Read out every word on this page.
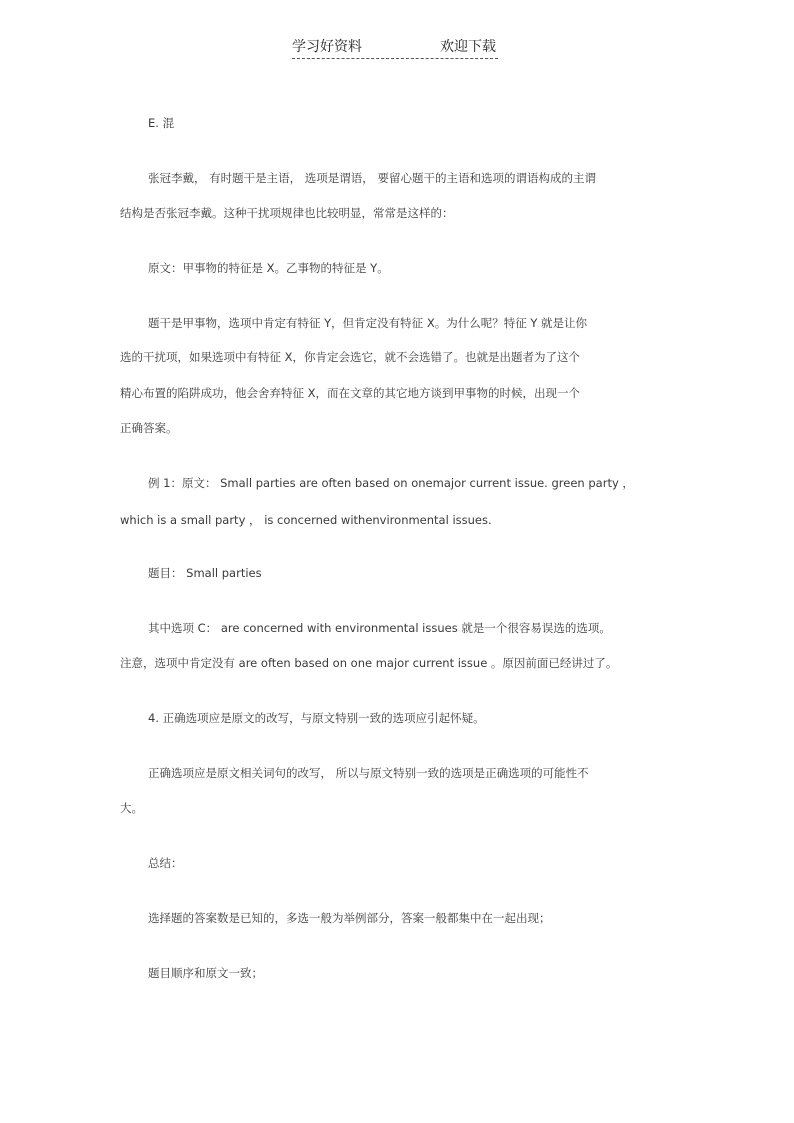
学习好资料	欢迎下载
E. 混
张冠李戴， 有时题干是主语， 选项是谓语， 要留心题干的主语和选项的谓语构成的主谓
结构是否张冠李戴。这种干扰项规律也比较明显，常常是这样的：
原文：甲事物的特征是 X。乙事物的特征是 Y。
题干是甲事物，选项中肯定有特征 Y，但肯定没有特征 X。为什么呢？特征 Y 就是让你
选的干扰项，如果选项中有特征 X，你肯定会选它，就不会选错了。也就是出题者为了这个
精心布置的陷阱成功，他会舍弃特征 X，而在文章的其它地方谈到甲事物的时候，出现一个
正确答案。
例 1：原文： Small parties are often based on onemajor current issue. green party ，
which is a small party ， is concerned withenvironmental issues.
题目： Small parties
其中选项 C： are concerned with environmental issues 就是一个很容易误选的选项。
注意，选项中肯定没有 are often based on one major current issue 。原因前面已经讲过了。
4. 正确选项应是原文的改写，与原文特别一致的选项应引起怀疑。
正确选项应是原文相关词句的改写， 所以与原文特别一致的选项是正确选项的可能性不
大。
总结：
选择题的答案数是已知的，多选一般为举例部分，答案一般都集中在一起出现；
题目顺序和原文一致；
